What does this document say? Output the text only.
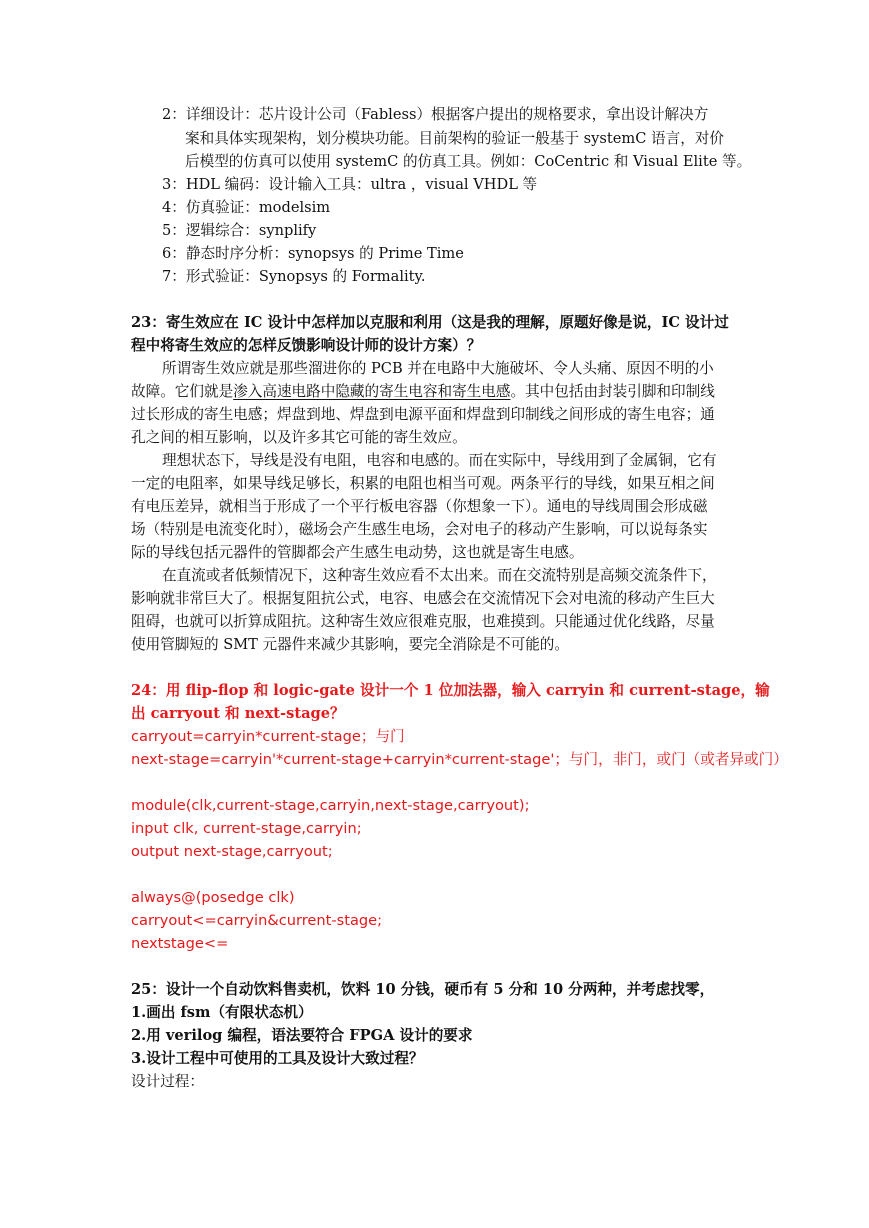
2：详细设计：芯片设计公司（Fabless）根据客户提出的规格要求，拿出设计解决方
案和具体实现架构，划分模块功能。目前架构的验证一般基于 systemC 语言，对价
后模型的仿真可以使用 systemC 的仿真工具。例如：CoCentric 和 Visual Elite 等。
3：HDL 编码：设计输入工具：ultra ，visual VHDL 等
4：仿真验证：modelsim
5：逻辑综合：synplify
6：静态时序分析：synopsys 的 Prime Time
7：形式验证：Synopsys 的 Formality.
23：寄生效应在 IC 设计中怎样加以克服和利用（这是我的理解，原题好像是说，IC 设计过
程中将寄生效应的怎样反馈影响设计师的设计方案）？
所谓寄生效应就是那些溜进你的 PCB 并在电路中大施破坏、令人头痛、原因不明的小
故障。它们就是渗入高速电路中隐藏的寄生电容和寄生电感。其中包括由封装引脚和印制线
过长形成的寄生电感；焊盘到地、焊盘到电源平面和焊盘到印制线之间形成的寄生电容；通
孔之间的相互影响，以及许多其它可能的寄生效应。
理想状态下，导线是没有电阻，电容和电感的。而在实际中，导线用到了金属铜，它有
一定的电阻率，如果导线足够长，积累的电阻也相当可观。两条平行的导线，如果互相之间
有电压差异，就相当于形成了一个平行板电容器（你想象一下）。通电的导线周围会形成磁
场（特别是电流变化时），磁场会产生感生电场，会对电子的移动产生影响，可以说每条实
际的导线包括元器件的管脚都会产生感生电动势，这也就是寄生电感。
在直流或者低频情况下，这种寄生效应看不太出来。而在交流特别是高频交流条件下，
影响就非常巨大了。根据复阻抗公式，电容、电感会在交流情况下会对电流的移动产生巨大
阻碍，也就可以折算成阻抗。这种寄生效应很难克服，也难摸到。只能通过优化线路，尽量
使用管脚短的 SMT 元器件来减少其影响，要完全消除是不可能的。
24：用 flip-flop 和 logic-gate 设计一个 1 位加法器，输入 carryin 和 current-stage，输
出 carryout 和 next-stage？
carryout=carryin*current-stage；与门
next-stage=carryin'*current-stage+carryin*current-stage'；与门，非门，或门（或者异或门）
module(clk,current-stage,carryin,next-stage,carryout);
input clk, current-stage,carryin;
output next-stage,carryout;
always@(posedge clk)
carryout<=carryin&current-stage;
nextstage<=
25：设计一个自动饮料售卖机，饮料 10 分钱，硬币有 5 分和 10 分两种，并考虑找零，
1.画出 fsm（有限状态机）
2.用 verilog 编程，语法要符合 FPGA 设计的要求
3.设计工程中可使用的工具及设计大致过程？
设计过程：
